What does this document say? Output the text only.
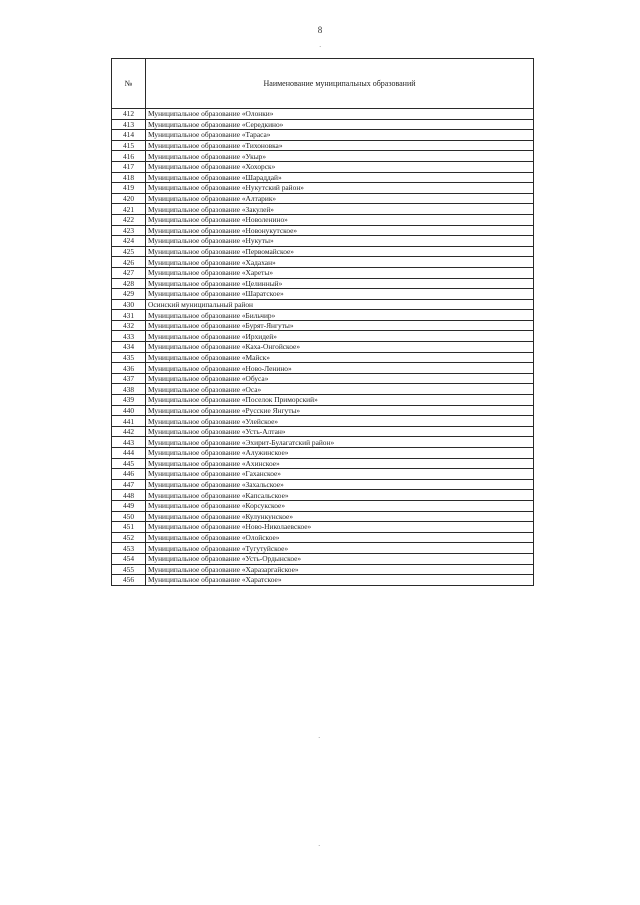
8
·
·
·
№	Наименование муниципальных образований
412	Муниципальное образование «Олонки»
413	Муниципальное образование «Середкино»
414	Муниципальное образование «Тараса»
415	Муниципальное образование «Тихоновка»
416	Муниципальное образование «Укыр»
417	Муниципальное образование «Хохорск»
418	Муниципальное образование «Шараддай»
419	Муниципальное образование «Нукутский район»
420	Муниципальное образование «Алтарик»
421	Муниципальное образование «Закулей»
422	Муниципальное образование «Новоленино»
423	Муниципальное образование «Новонукутское»
424	Муниципальное образование «Нукуты»
425	Муниципальное образование «Первомайское»
426	Муниципальное образование «Хадахан»
427	Муниципальное образование «Хареты»
428	Муниципальное образование «Целинный»
429	Муниципальное образование «Шаратское»
430	Осинский муниципальный район
431	Муниципальное образование «Бильчир»
432	Муниципальное образование «Бурят-Янгуты»
433	Муниципальное образование «Ирхидей»
434	Муниципальное образование «Каха-Онгойское»
435	Муниципальное образование «Майск»
436	Муниципальное образование «Ново-Ленино»
437	Муниципальное образование «Обуса»
438	Муниципальное образование «Оса»
439	Муниципальное образование «Поселок Приморский»
440	Муниципальное образование «Русские Янгуты»
441	Муниципальное образование «Улейское»
442	Муниципальное образование «Усть-Алтан»
443	Муниципальное образование «Эхирит-Булагатский район»
444	Муниципальное образование «Алужинское»
445	Муниципальное образование «Ахинское»
446	Муниципальное образование «Гаханское»
447	Муниципальное образование «Захальское»
448	Муниципальное образование «Капсальское»
449	Муниципальное образование «Корсукское»
450	Муниципальное образование «Кулункунское»
451	Муниципальное образование «Ново-Николаевское»
452	Муниципальное образование «Олойское»
453	Муниципальное образование «Тугутуйское»
454	Муниципальное образование «Усть-Ордынское»
455	Муниципальное образование «Харазаргайское»
456	Муниципальное образование «Харатское»
